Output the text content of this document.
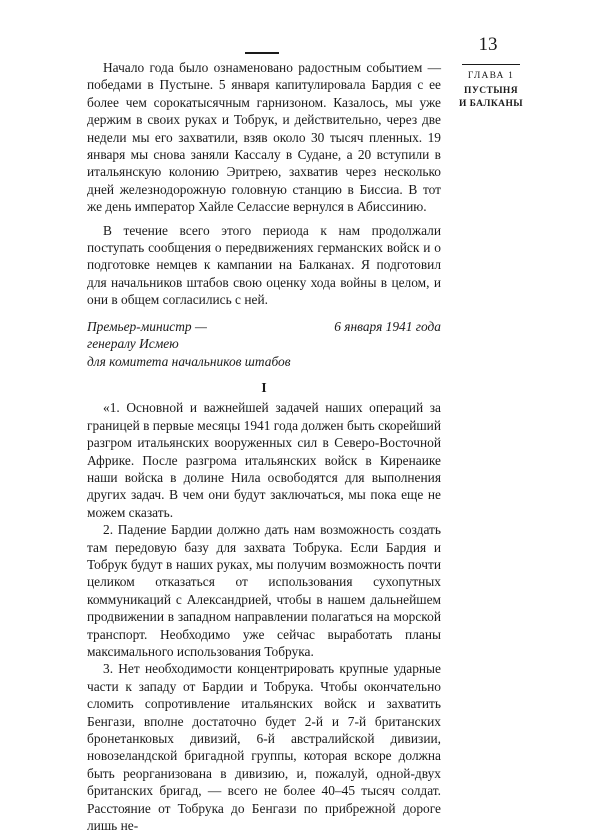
13
ГЛАВА 1
ПУСТЫНЯ
И БАЛКАНЫ

Начало года было ознаменовано радостным событием — победами в Пустыне. 5 января капитулировала Бардия с ее более чем сорокатысячным гарнизоном. Казалось, мы уже держим в своих руках и Тобрук, и действительно, через две недели мы его захватили, взяв около 30 тысяч пленных. 19 января мы снова заняли Кассалу в Судане, а 20 вступили в итальянскую колонию Эритрею, захватив через несколько дней железнодорожную головную станцию в Биссиа. В тот же день император Хайле Селассие вернулся в Абиссинию.

В течение всего этого периода к нам продолжали поступать сообщения о передвижениях германских войск и о подготовке немцев к кампании на Балканах. Я подготовил для начальников штабов свою оценку хода войны в целом, и они в общем согласились с ней.

Премьер-министр —	6 января 1941 года
генералу Исмею
для комитета начальников штабов
I

«1. Основной и важнейшей задачей наших операций за границей в первые месяцы 1941 года должен быть скорейший разгром итальянских вооруженных сил в Северо-Восточной Африке. После разгрома итальянских войск в Киренаике наши войска в долине Нила освободятся для выполнения других задач. В чем они будут заключаться, мы пока еще не можем сказать.

2. Падение Бардии должно дать нам возможность создать там передовую базу для захвата Тобрука. Если Бардия и Тобрук будут в наших руках, мы получим возможность почти целиком отказаться от использования сухопутных коммуникаций с Александрией, чтобы в нашем дальнейшем продвижении в западном направлении полагаться на морской транспорт. Необходимо уже сейчас выработать планы максимального использования Тобрука.

3. Нет необходимости концентрировать крупные ударные части к западу от Бардии и Тобрука. Чтобы окончательно сломить сопротивление итальянских войск и захватить Бенгази, вполне достаточно будет 2-й и 7-й британских бронетанковых дивизий, 6-й австралийской дивизии, новозеландской бригадной группы, которая вскоре должна быть реорганизована в дивизию, и, пожалуй, одной-двух британских бригад, — всего не более 40–45 тысяч солдат. Расстояние от Тобрука до Бенгази по прибрежной дороге лишь не-
